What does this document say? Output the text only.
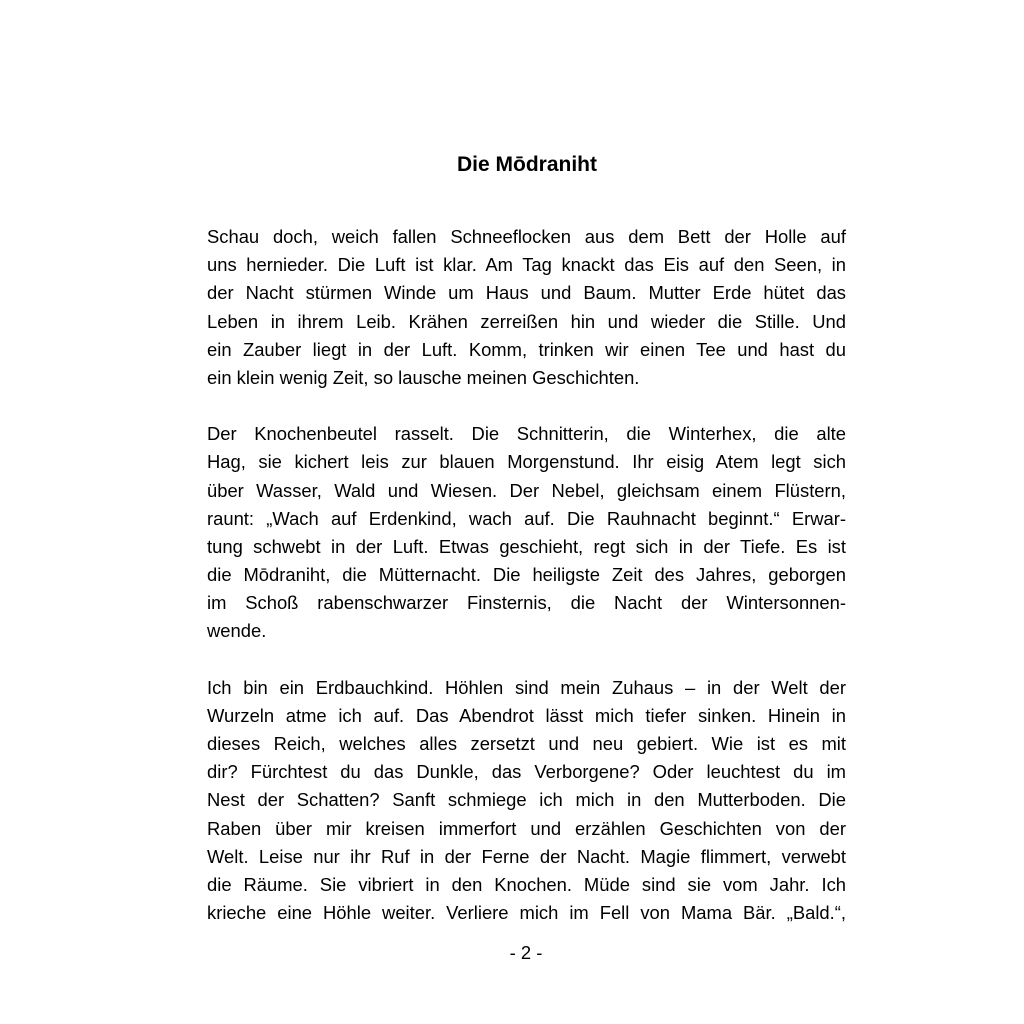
Die Mōdraniht

Schau doch, weich fallen Schneeflocken aus dem Bett der Holle auf
uns hernieder. Die Luft ist klar. Am Tag knackt das Eis auf den Seen, in
der Nacht stürmen Winde um Haus und Baum. Mutter Erde hütet das
Leben in ihrem Leib. Krähen zerreißen hin und wieder die Stille. Und
ein Zauber liegt in der Luft. Komm, trinken wir einen Tee und hast du
ein klein wenig Zeit, so lausche meinen Geschichten.

Der Knochenbeutel rasselt. Die Schnitterin, die Winterhex, die alte
Hag, sie kichert leis zur blauen Morgenstund. Ihr eisig Atem legt sich
über Wasser, Wald und Wiesen. Der Nebel, gleichsam einem Flüstern,
raunt: „Wach auf Erdenkind, wach auf. Die Rauhnacht beginnt.“ Erwar-
tung schwebt in der Luft. Etwas geschieht, regt sich in der Tiefe. Es ist
die Mōdraniht, die Mütternacht. Die heiligste Zeit des Jahres, geborgen
im Schoß rabenschwarzer Finsternis, die Nacht der Wintersonnen-
wende.

Ich bin ein Erdbauchkind. Höhlen sind mein Zuhaus – in der Welt der
Wurzeln atme ich auf. Das Abendrot lässt mich tiefer sinken. Hinein in
dieses Reich, welches alles zersetzt und neu gebiert. Wie ist es mit
dir? Fürchtest du das Dunkle, das Verborgene? Oder leuchtest du im
Nest der Schatten? Sanft schmiege ich mich in den Mutterboden. Die
Raben über mir kreisen immerfort und erzählen Geschichten von der
Welt. Leise nur ihr Ruf in der Ferne der Nacht. Magie flimmert, verwebt
die Räume. Sie vibriert in den Knochen. Müde sind sie vom Jahr. Ich
krieche eine Höhle weiter. Verliere mich im Fell von Mama Bär. „Bald.“,

- 2 -
